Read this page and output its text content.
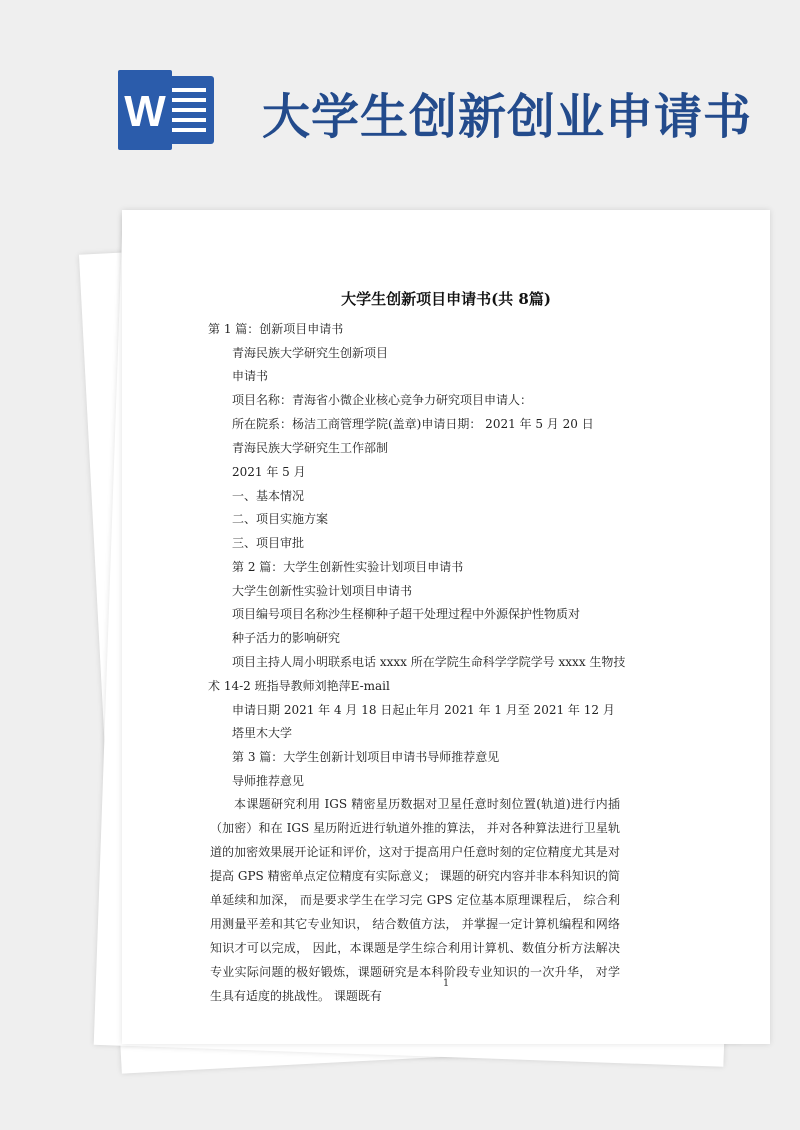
W 大学生创新创业申请书
大学生创新项目申请书(共 8篇)
第 1 篇：创新项目申请书
青海民族大学研究生创新项目
申请书
项目名称：青海省小微企业核心竞争力研究项目申请人：
所在院系：杨洁工商管理学院(盖章)申请日期： 2021 年 5 月 20 日
青海民族大学研究生工作部制
2021 年 5 月
一、基本情况
二、项目实施方案
三、项目审批
第 2 篇：大学生创新性实验计划项目申请书
大学生创新性实验计划项目申请书
项目编号项目名称沙生柽柳种子超干处理过程中外源保护性物质对
种子活力的影响研究
项目主持人周小明联系电话 xxxx 所在学院生命科学学院学号 xxxx 生物技
术 14-2 班指导教师刘艳萍E-mail
申请日期 2021 年 4 月 18 日起止年月 2021 年 1 月至 2021 年 12 月
塔里木大学
第 3 篇：大学生创新计划项目申请书导师推荐意见
导师推荐意见
本课题研究利用 IGS 精密星历数据对卫星任意时刻位置(轨道)进行内插（加密）和在 IGS 星历附近进行轨道外推的算法， 并对各种算法进行卫星轨道的加密效果展开论证和评价，这对于提高用户任意时刻的定位精度尤其是对提高 GPS 精密单点定位精度有实际意义； 课题的研究内容并非本科知识的简单延续和加深， 而是要求学生在学习完 GPS 定位基本原理课程后， 综合利用测量平差和其它专业知识， 结合数值方法， 并掌握一定计算机编程和网络知识才可以完成， 因此，本课题是学生综合利用计算机、数值分析方法解决专业实际问题的极好锻炼，课题研究是本科阶段专业知识的一次升华， 对学生具有适度的挑战性。 课题既有
1
